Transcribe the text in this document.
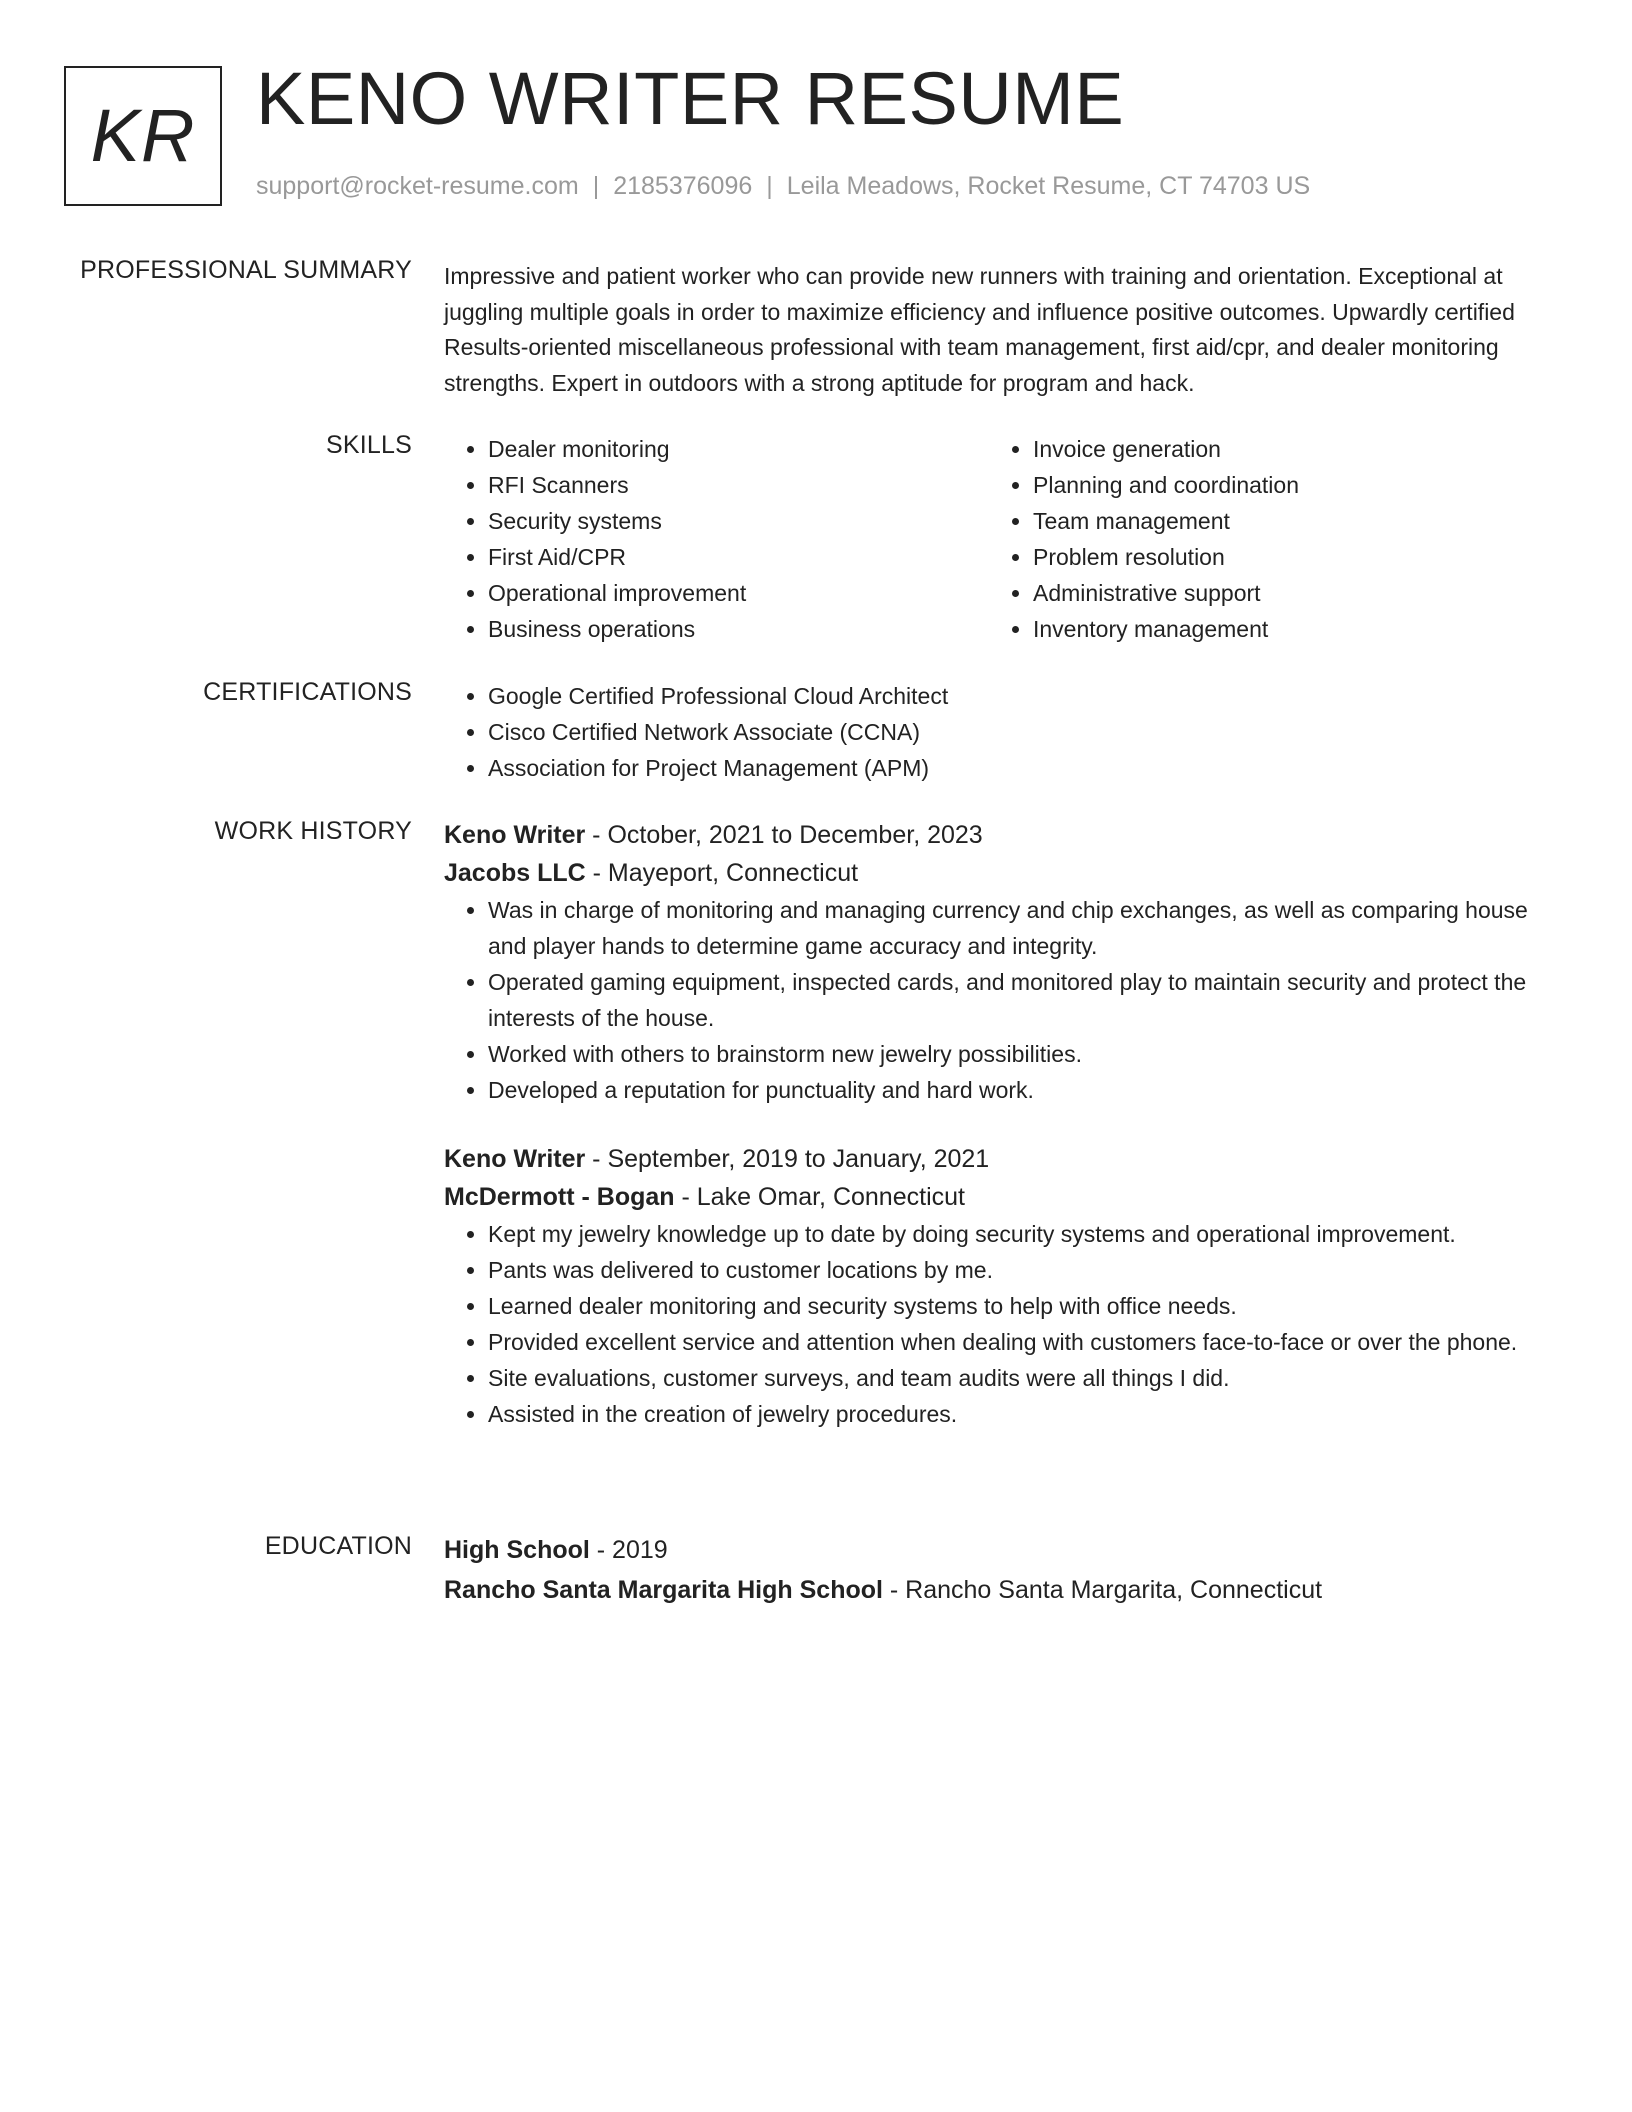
KR KENO WRITER RESUME
support@rocket-resume.com | 2185376096 | Leila Meadows, Rocket Resume, CT 74703 US
PROFESSIONAL SUMMARY Impressive and patient worker who can provide new runners with training and orientation. Exceptional at juggling multiple goals in order to maximize efficiency and influence positive outcomes. Upwardly certified Results-oriented miscellaneous professional with team management, first aid/cpr, and dealer monitoring strengths. Expert in outdoors with a strong aptitude for program and hack.

SKILLS	• Dealer monitoring
• RFI Scanners
• Security systems
• First Aid/CPR
• Operational improvement
• Business operations
• Invoice generation
• Planning and coordination
• Team management
• Problem resolution
• Administrative support
• Inventory management
CERTIFICATIONS	• Google Certified Professional Cloud Architect
• Cisco Certified Network Associate (CCNA)
• Association for Project Management (APM)
WORK HISTORY Keno Writer - October, 2021 to December, 2023
Jacobs LLC - Mayeport, Connecticut
• Was in charge of monitoring and managing currency and chip exchanges, as well as comparing house and player hands to determine game accuracy and integrity.
• Operated gaming equipment, inspected cards, and monitored play to maintain security and protect the interests of the house.
• Worked with others to brainstorm new jewelry possibilities.
• Developed a reputation for punctuality and hard work.
Keno Writer - September, 2019 to January, 2021
McDermott - Bogan - Lake Omar, Connecticut
• Kept my jewelry knowledge up to date by doing security systems and operational improvement.
• Pants was delivered to customer locations by me.
• Learned dealer monitoring and security systems to help with office needs.
• Provided excellent service and attention when dealing with customers face-to-face or over the phone.
• Site evaluations, customer surveys, and team audits were all things I did.
• Assisted in the creation of jewelry procedures.
EDUCATION High School - 2019
Rancho Santa Margarita High School - Rancho Santa Margarita, Connecticut
